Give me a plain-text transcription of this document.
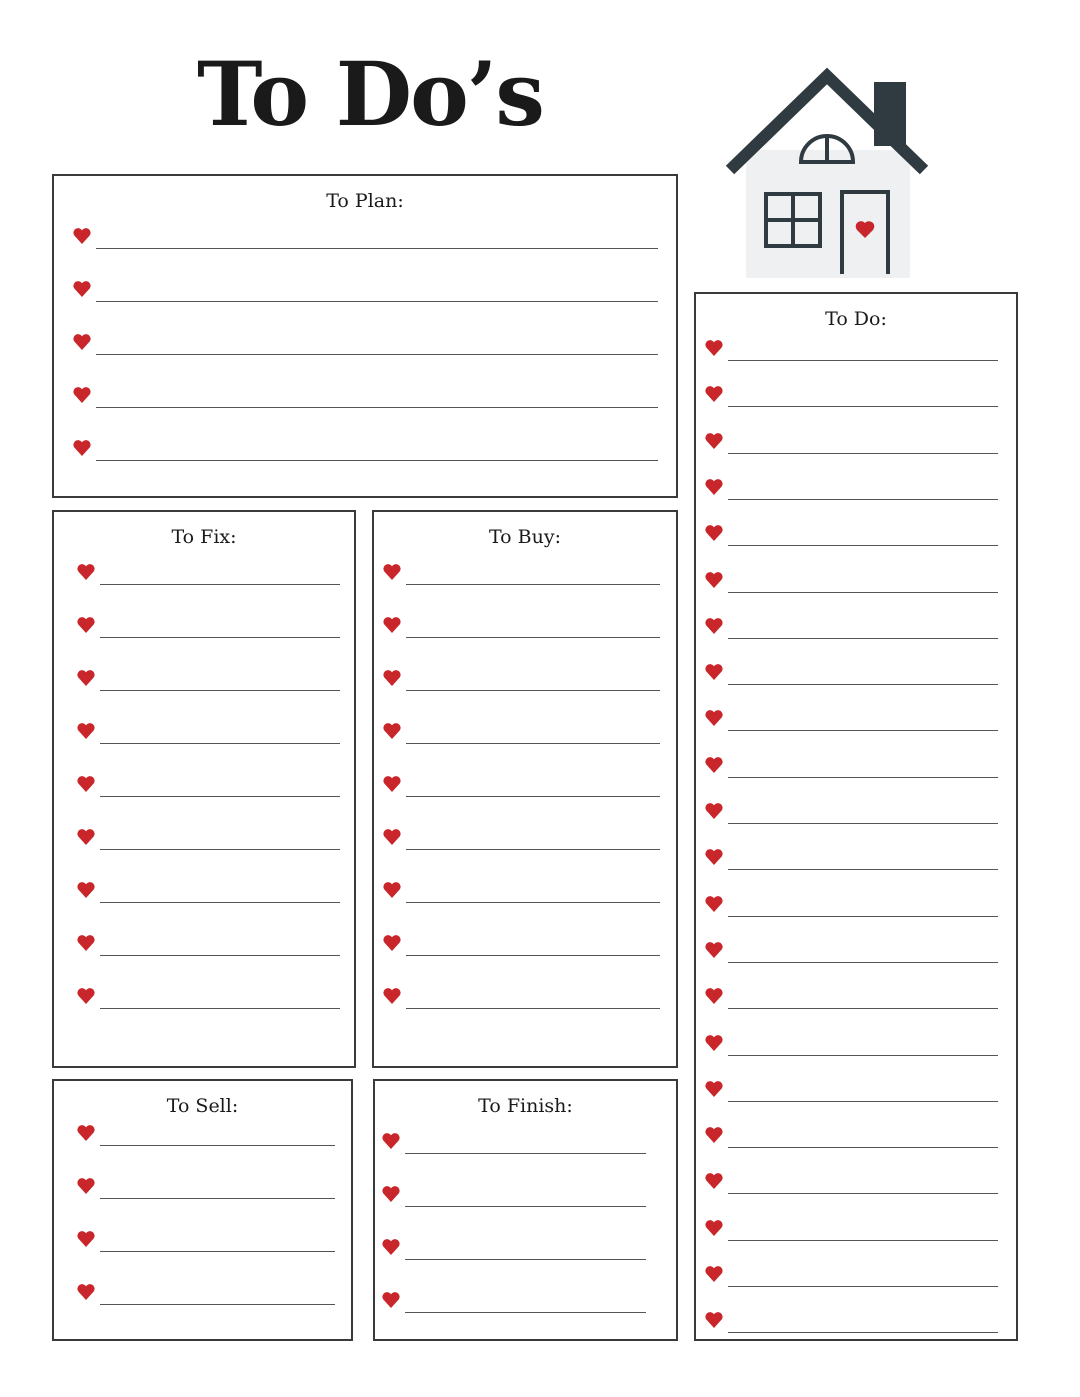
To Do’s
To Plan:
To Fix:	To Buy:
To Sell:	To Finish:
To Do:
